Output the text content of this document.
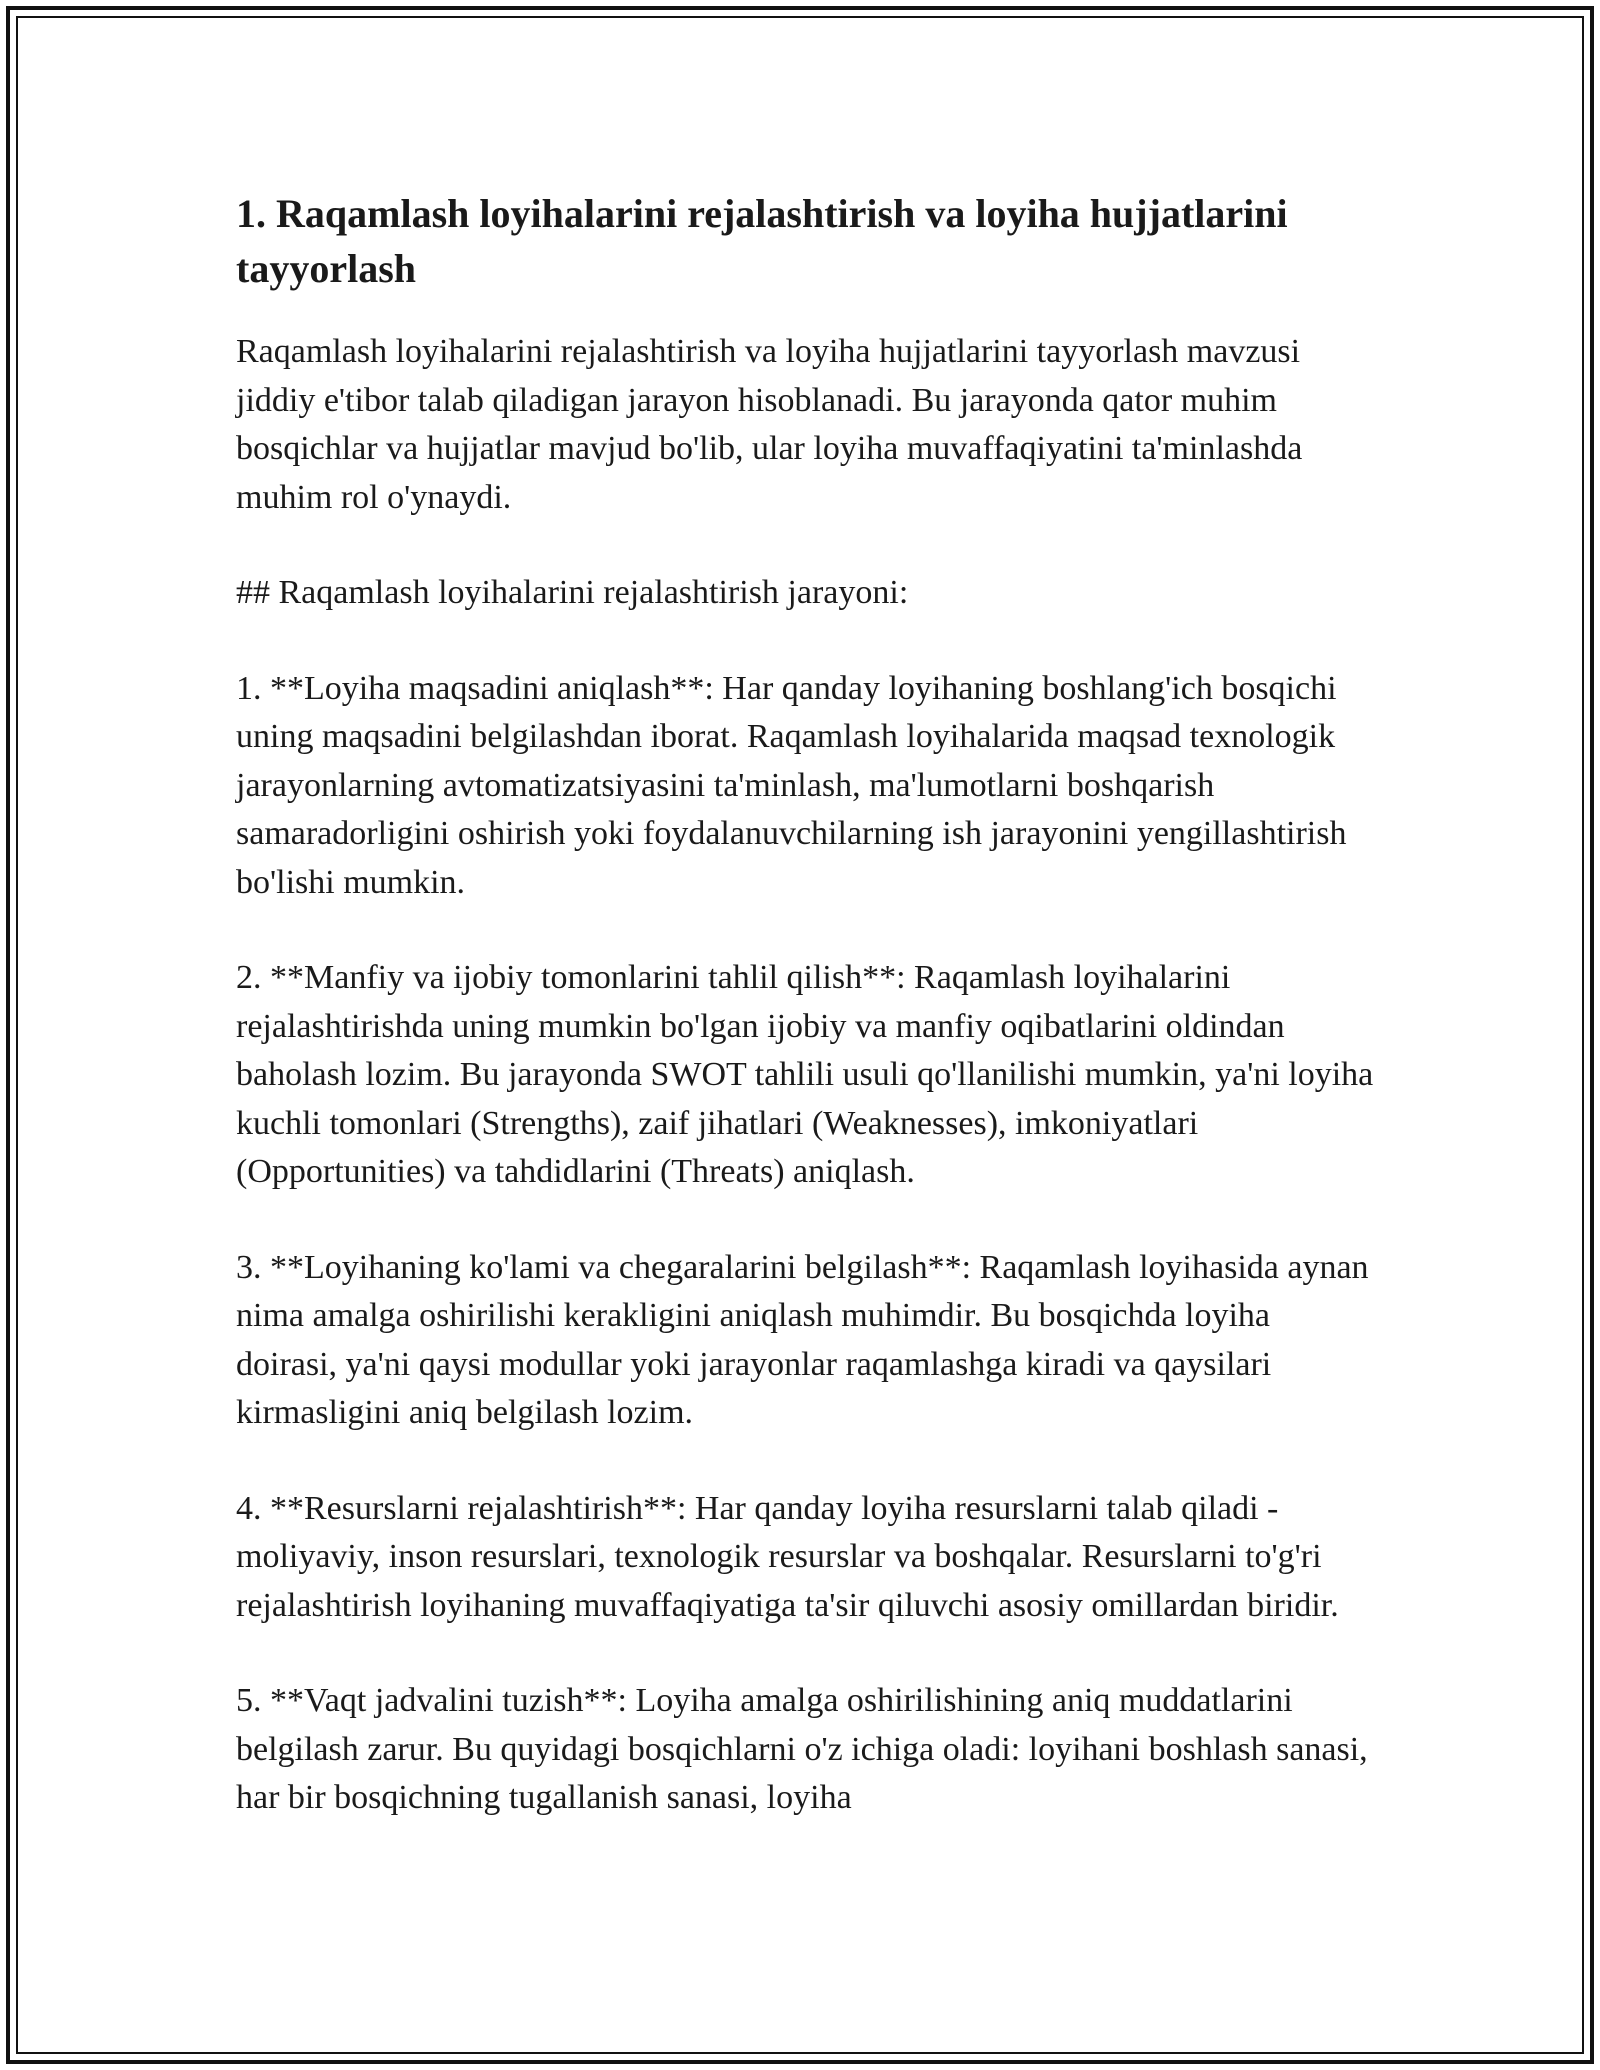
1. Raqamlash loyihalarini rejalashtirish va loyiha hujjatlarini tayyorlash

Raqamlash loyihalarini rejalashtirish va loyiha hujjatlarini tayyorlash mavzusi jiddiy e'tibor talab qiladigan jarayon hisoblanadi. Bu jarayonda qator muhim bosqichlar va hujjatlar mavjud bo'lib, ular loyiha muvaffaqiyatini ta'minlashda muhim rol o'ynaydi.

## Raqamlash loyihalarini rejalashtirish jarayoni:

1. **Loyiha maqsadini aniqlash**: Har qanday loyihaning boshlang'ich bosqichi uning maqsadini belgilashdan iborat. Raqamlash loyihalarida maqsad texnologik jarayonlarning avtomatizatsiyasini ta'minlash, ma'lumotlarni boshqarish samaradorligini oshirish yoki foydalanuvchilarning ish jarayonini yengillashtirish bo'lishi mumkin.

2. **Manfiy va ijobiy tomonlarini tahlil qilish**: Raqamlash loyihalarini rejalashtirishda uning mumkin bo'lgan ijobiy va manfiy oqibatlarini oldindan baholash lozim. Bu jarayonda SWOT tahlili usuli qo'llanilishi mumkin, ya'ni loyiha kuchli tomonlari (Strengths), zaif jihatlari (Weaknesses), imkoniyatlari (Opportunities) va tahdidlarini (Threats) aniqlash.

3. **Loyihaning ko'lami va chegaralarini belgilash**: Raqamlash loyihasida aynan nima amalga oshirilishi kerakligini aniqlash muhimdir. Bu bosqichda loyiha doirasi, ya'ni qaysi modullar yoki jarayonlar raqamlashga kiradi va qaysilari kirmasligini aniq belgilash lozim.

4. **Resurslarni rejalashtirish**: Har qanday loyiha resurslarni talab qiladi - moliyaviy, inson resurslari, texnologik resurslar va boshqalar. Resurslarni to'g'ri rejalashtirish loyihaning muvaffaqiyatiga ta'sir qiluvchi asosiy omillardan biridir.

5. **Vaqt jadvalini tuzish**: Loyiha amalga oshirilishining aniq muddatlarini belgilash zarur. Bu quyidagi bosqichlarni o'z ichiga oladi: loyihani boshlash sanasi, har bir bosqichning tugallanish sanasi, loyiha
